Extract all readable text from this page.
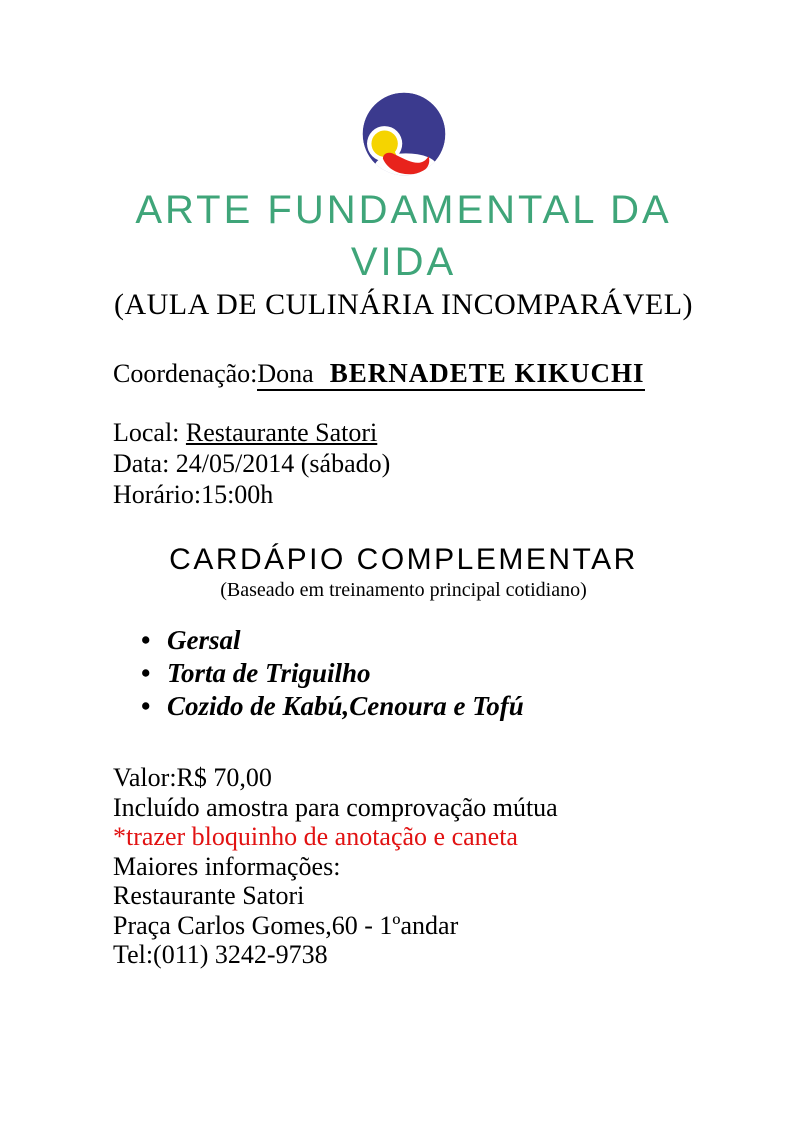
ARTE FUNDAMENTAL DA
VIDA
(AULA DE CULINÁRIA INCOMPARÁVEL)

Coordenação:Dona BERNADETE KIKUCHI

Local: Restaurante Satori

Data: 24/05/2014 (sábado)

Horário:15:00h

CARDÁPIO COMPLEMENTAR
(Baseado em treinamento principal cotidiano)
• Gersal
• Torta de Triguilho
• Cozido de Kabú,Cenoura e Tofú

Valor:R$ 70,00

Incluído amostra para comprovação mútua

*trazer bloquinho de anotação e caneta

Maiores informações:

Restaurante Satori

Praça Carlos Gomes,60 - 1ºandar

Tel:(011) 3242-9738
